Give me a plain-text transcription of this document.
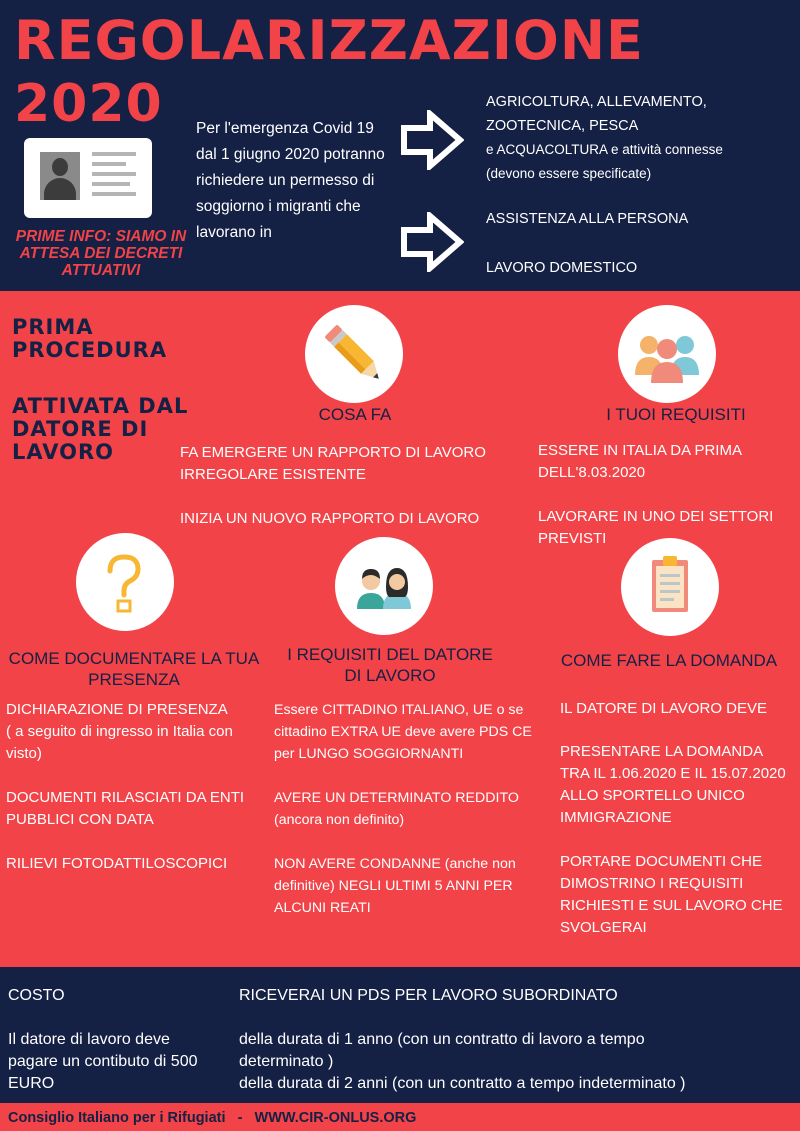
REGOLARIZZAZIONE
2020
PRIME INFO: SIAMO IN ATTESA DEI DECRETI ATTUATIVI
Per l'emergenza Covid 19 dal 1 giugno 2020 potranno richiedere un permesso di soggiorno i migranti che lavorano in
AGRICOLTURA, ALLEVAMENTO,
ZOOTECNICA, PESCA
e ACQUACOLTURA e attività connesse
(devono essere specificate)
ASSISTENZA ALLA PERSONA
LAVORO DOMESTICO
PRIMA PROCEDURA
ATTIVATA DAL DATORE DI LAVORO
COSA FA	I TUOI REQUISITI
COME DOCUMENTARE LA TUA PRESENZA
I REQUISITI DEL DATORE DI LAVORO
COME FARE LA DOMANDA
FA EMERGERE UN RAPPORTO DI LAVORO IRREGOLARE ESISTENTE
INIZIA UN NUOVO RAPPORTO DI LAVORO
ESSERE IN ITALIA DA PRIMA DELL'8.03.2020
LAVORARE IN UNO DEI SETTORI PREVISTI
DICHIARAZIONE DI PRESENZA
( a seguito di ingresso in Italia con visto)
DOCUMENTI RILASCIATI DA ENTI PUBBLICI CON DATA
RILIEVI FOTODATTILOSCOPICI
Essere CITTADINO ITALIANO, UE o se cittadino EXTRA UE deve avere PDS CE per LUNGO SOGGIORNANTI
AVERE UN DETERMINATO REDDITO (ancora non definito)
NON AVERE CONDANNE (anche non definitive) NEGLI ULTIMI 5 ANNI PER ALCUNI REATI
IL DATORE DI LAVORO DEVE
PRESENTARE LA DOMANDA TRA IL 1.06.2020 E IL 15.07.2020 ALLO SPORTELLO UNICO IMMIGRAZIONE
PORTARE DOCUMENTI CHE DIMOSTRINO I REQUISITI RICHIESTI E SUL LAVORO CHE SVOLGERAI
COSTO
Il datore di lavoro deve pagare un contibuto di 500 EURO
RICEVERAI UN PDS PER LAVORO SUBORDINATO
della durata di 1 anno (con un contratto di lavoro a tempo determinato )
della durata di 2 anni (con un contratto a tempo indeterminato )
Consiglio Italiano per i Rifugiati   -   WWW.CIR-ONLUS.ORG
